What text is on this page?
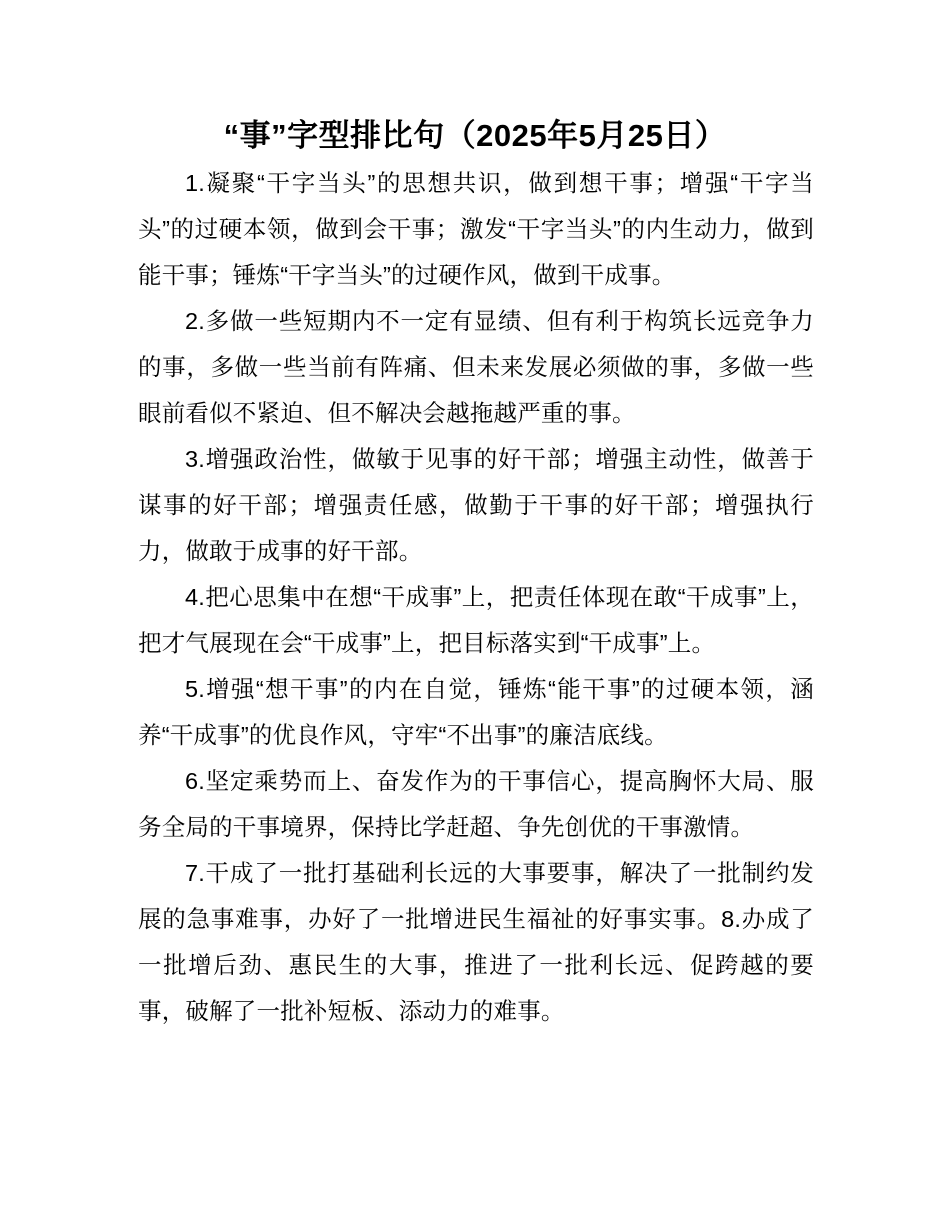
“事”字型排比句（2025年5月25日）

1.凝聚“干字当头”的思想共识，做到想干事；增强“干字当头”的过硬本领，做到会干事；激发“干字当头”的内生动力，做到能干事；锤炼“干字当头”的过硬作风，做到干成事。

2.多做一些短期内不一定有显绩、但有利于构筑长远竞争力的事，多做一些当前有阵痛、但未来发展必须做的事，多做一些眼前看似不紧迫、但不解决会越拖越严重的事。

3.增强政治性，做敏于见事的好干部；增强主动性，做善于谋事的好干部；增强责任感，做勤于干事的好干部；增强执行力，做敢于成事的好干部。

4.把心思集中在想“干成事”上，把责任体现在敢“干成事”上，把才气展现在会“干成事”上，把目标落实到“干成事”上。

5.增强“想干事”的内在自觉，锤炼“能干事”的过硬本领，涵养“干成事”的优良作风，守牢“不出事”的廉洁底线。

6.坚定乘势而上、奋发作为的干事信心，提高胸怀大局、服务全局的干事境界，保持比学赶超、争先创优的干事激情。

7.干成了一批打基础利长远的大事要事，解决了一批制约发展的急事难事，办好了一批增进民生福祉的好事实事。8.办成了一批增后劲、惠民生的大事，推进了一批利长远、促跨越的要事，破解了一批补短板、添动力的难事。
